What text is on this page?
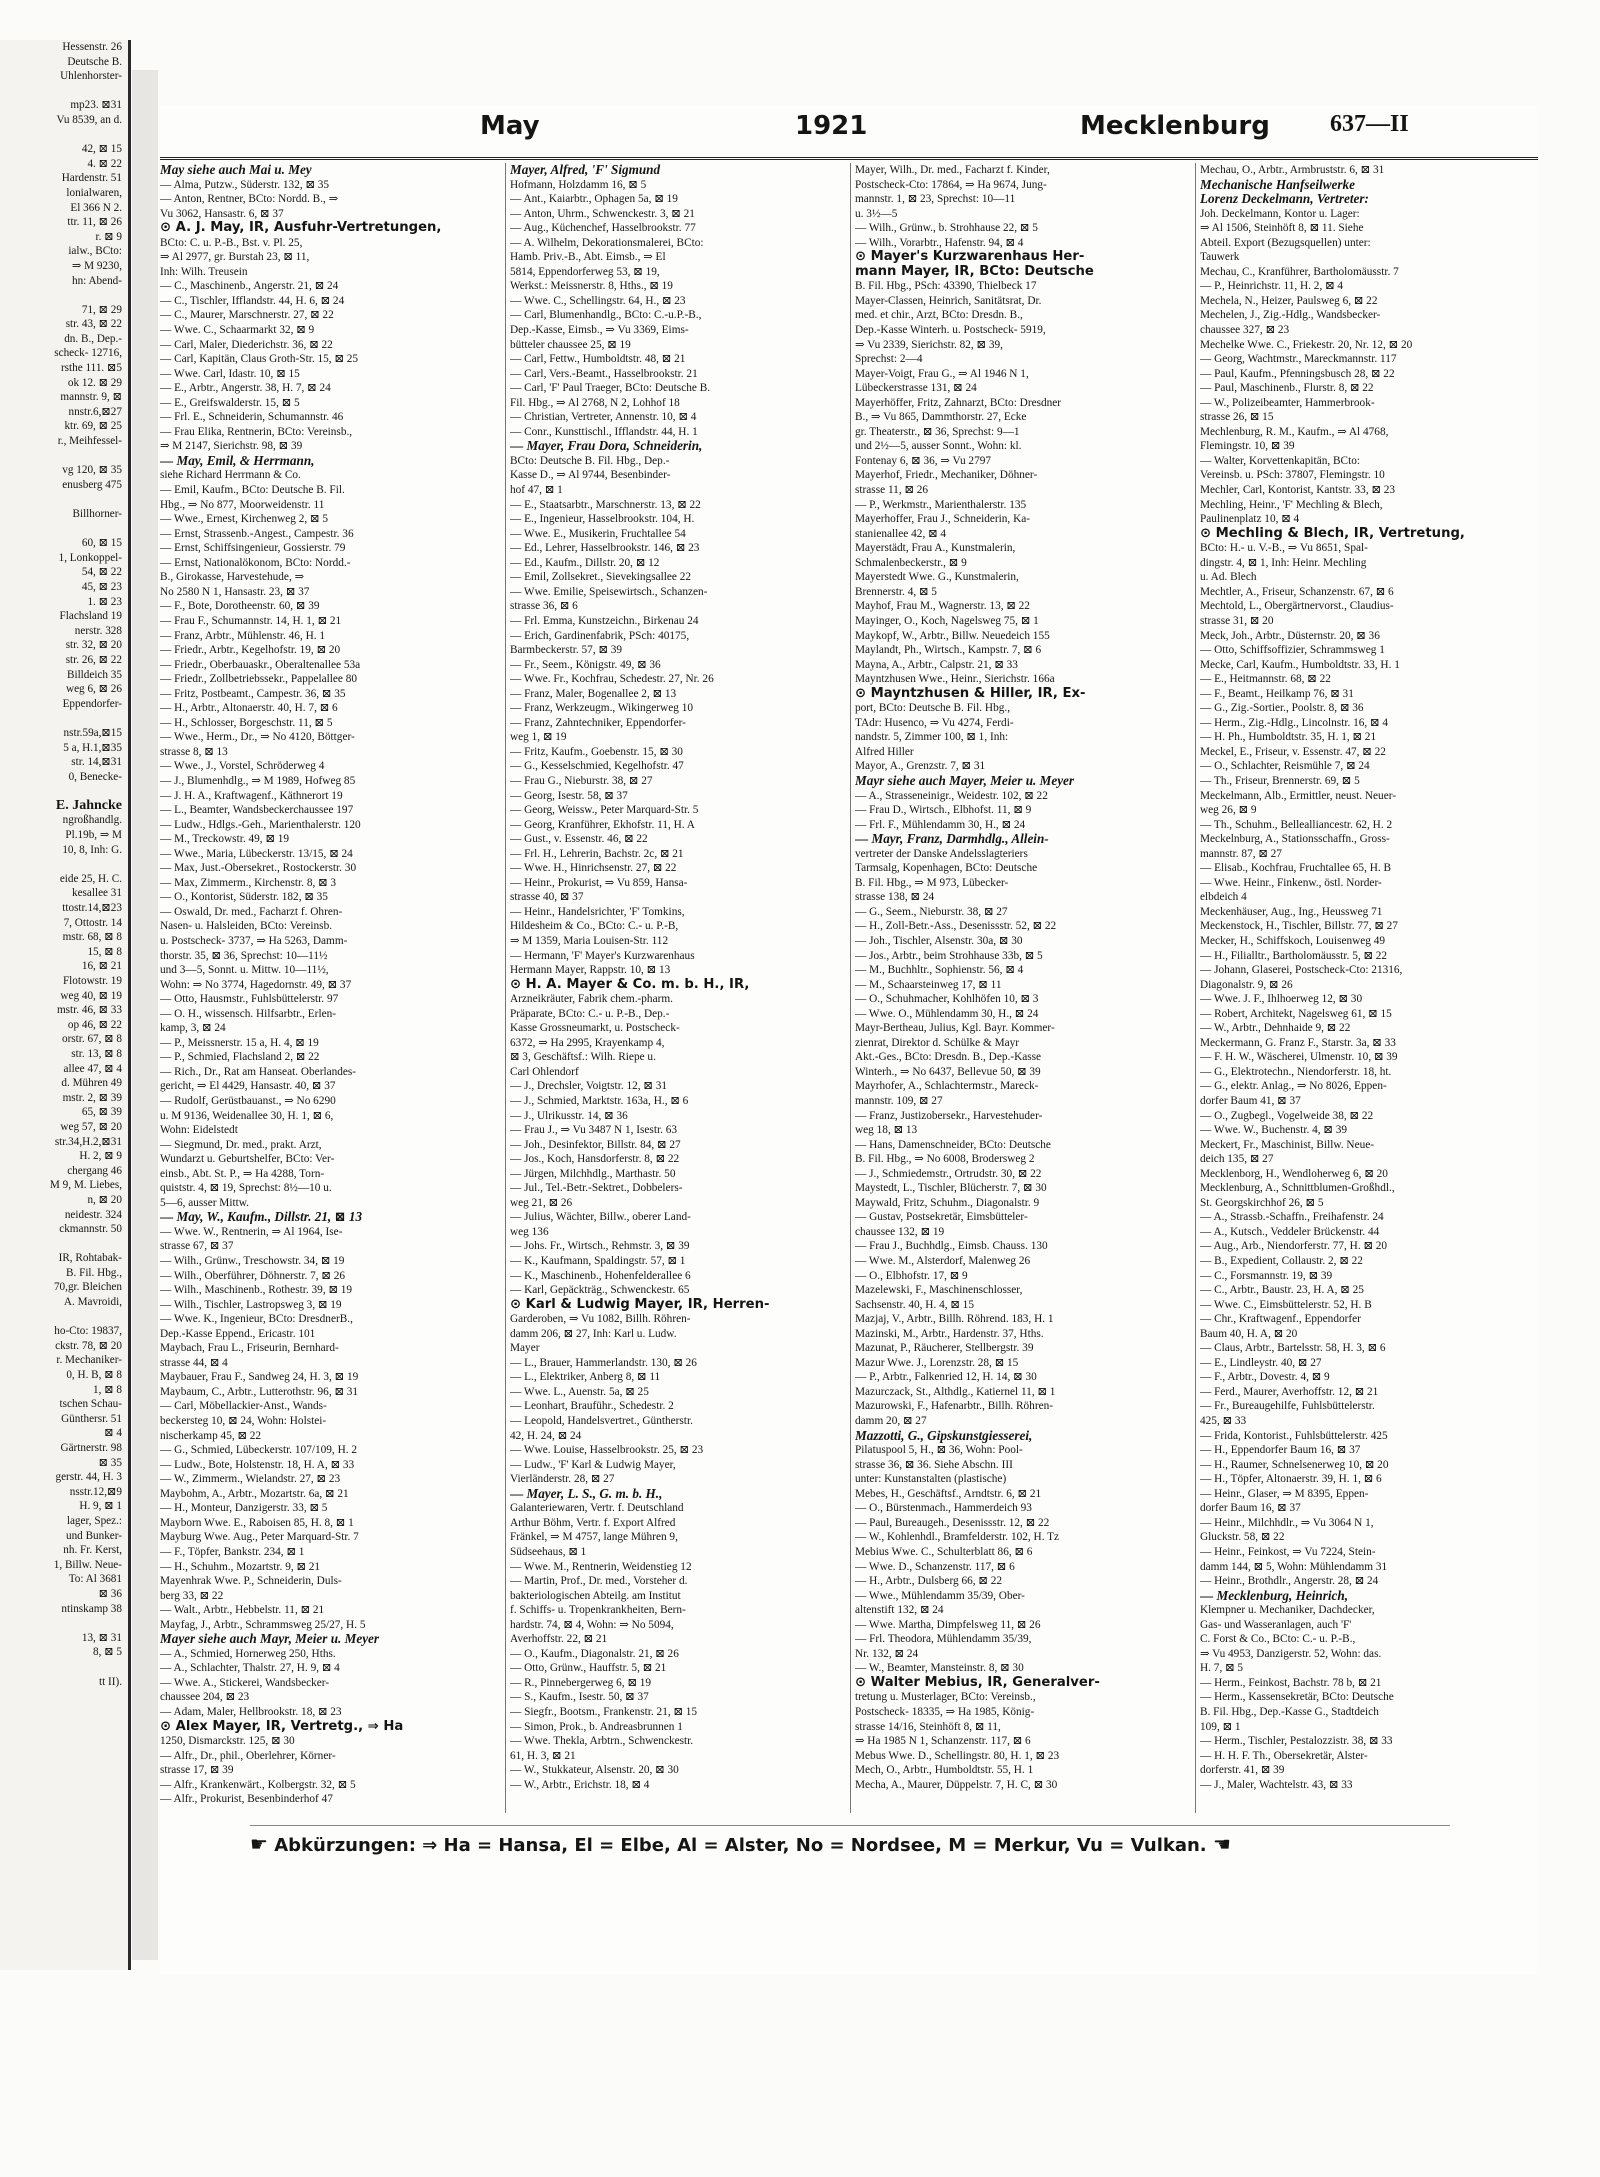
Hessenstr. 26
Deutsche B.
Uhlenhorster-

mp23. ⊠31
Vu 8539, an d.

42, ⊠ 15
4. ⊠ 22
Hardenstr. 51
lonialwaren,
El 366 N 2.
ttr. 11, ⊠ 26
r. ⊠ 9
ialw., BCto:
⇒ M 9230,
hn: Abend-

71, ⊠ 29
str. 43, ⊠ 22
dn. B., Dep.-
scheck- 12716,
rsthe 111. ⊠5
ok 12. ⊠ 29
mannstr. 9, ⊠
nnstr.6,⊠27
ktr. 69, ⊠ 25
r., Meihfessel-

vg 120, ⊠ 35
enusberg 475

Billhorner-

60, ⊠ 15
1, Lonkoppel-
54, ⊠ 22
45, ⊠ 23
1. ⊠ 23
Flachsland 19
nerstr. 328
str. 32, ⊠ 20
str. 26, ⊠ 22
Billdeich 35
weg 6, ⊠ 26
Eppendorfer-

nstr.59a,⊠15
5 a, H.1,⊠35
str. 14,⊠31
0, Benecke-

E. Jahncke
ngroßhandlg.
Pl.19b, ⇒ M
10, 8, Inh: G.

eide 25, H. C.
kesallee 31
ttostr.14,⊠23
7, Ottostr. 14
mstr. 68, ⊠ 8
15, ⊠ 8
16, ⊠ 21
Flotowstr. 19
weg 40, ⊠ 19
mstr. 46, ⊠ 33
op 46, ⊠ 22
orstr. 67, ⊠ 8
str. 13, ⊠ 8
allee 47, ⊠ 4
d. Mühren 49
mstr. 2, ⊠ 39
65, ⊠ 39
weg 57, ⊠ 20
str.34,H.2,⊠31
H. 2, ⊠ 9
chergang 46
M 9, M. Liebes,
n, ⊠ 20
neidestr. 324
ckmannstr. 50

IR, Rohtabak-
B. Fil. Hbg.,
70,gr. Bleichen
A. Mavroidi,

ho-Cto: 19837,
ckstr. 78, ⊠ 20
r. Mechaniker-
0, H. B, ⊠ 8
1, ⊠ 8
tschen Schau-
Günthersr. 51
⊠ 4
Gärtnerstr. 98
⊠ 35
gerstr. 44, H. 3
nsstr.12,⊠9
H. 9, ⊠ 1
lager, Spez.:
und Bunker-
nh. Fr. Kerst,
1, Billw. Neue-
To: Al 3681
⊠ 36
ntinskamp 38

13, ⊠ 31
8, ⊠ 5

tt II).
May	1921	Mecklenburg	637—II
May siehe auch Mai u. Mey
— Alma, Putzw., Süderstr. 132, ⊠ 35
— Anton, Rentner, BCto: Nordd. B., ⇒
Vu 3062, Hansastr. 6, ⊠ 37
⊙ A. J. May, IR, Ausfuhr-Vertretungen,
BCto: C. u. P.-B., Bst. v. Pl. 25,
⇒ Al 2977, gr. Burstah 23, ⊠ 11,
Inh: Wilh. Treusein
— C., Maschinenb., Angerstr. 21, ⊠ 24
— C., Tischler, Ifflandstr. 44, H. 6, ⊠ 24
— C., Maurer, Marschnerstr. 27, ⊠ 22
— Wwe. C., Schaarmarkt 32, ⊠ 9
— Carl, Maler, Diederichstr. 36, ⊠ 22
— Carl, Kapitän, Claus Groth-Str. 15, ⊠ 25
— Wwe. Carl, Idastr. 10, ⊠ 15
— E., Arbtr., Angerstr. 38, H. 7, ⊠ 24
— E., Greifswalderstr. 15, ⊠ 5
— Frl. E., Schneiderin, Schumannstr. 46
— Frau Elika, Rentnerin, BCto: Vereinsb.,
⇒ M 2147, Sierichstr. 98, ⊠ 39
— May, Emil, & Herrmann,
siehe Richard Herrmann & Co.
— Emil, Kaufm., BCto: Deutsche B. Fil.
Hbg., ⇒ No 877, Moorweidenstr. 11
— Wwe., Ernest, Kirchenweg 2, ⊠ 5
— Ernst, Strassenb.-Angest., Campestr. 36
— Ernst, Schiffsingenieur, Gossierstr. 79
— Ernst, Nationalökonom, BCto: Nordd.-
B., Girokasse, Harvestehude, ⇒
No 2580 N 1, Hansastr. 23, ⊠ 37
— F., Bote, Dorotheenstr. 60, ⊠ 39
— Frau F., Schumannstr. 14, H. 1, ⊠ 21
— Franz, Arbtr., Mühlenstr. 46, H. 1
— Friedr., Arbtr., Kegelhofstr. 19, ⊠ 20
— Friedr., Oberbauaskr., Oberaltenallee 53a
— Friedr., Zollbetriebssekr., Pappelallee 80
— Fritz, Postbeamt., Campestr. 36, ⊠ 35
— H., Arbtr., Altonaerstr. 40, H. 7, ⊠ 6
— H., Schlosser, Borgeschstr. 11, ⊠ 5
— Wwe., Herm., Dr., ⇒ No 4120, Böttger-
strasse 8, ⊠ 13
— Wwe., J., Vorstel, Schröderweg 4
— J., Blumenhdlg., ⇒ M 1989, Hofweg 85
— J. H. A., Kraftwagenf., Käthnerort 19
— L., Beamter, Wandsbeckerchaussee 197
— Ludw., Hdlgs.-Geh., Marienthalerstr. 120
— M., Treckowstr. 49, ⊠ 19
— Wwe., Maria, Lübeckerstr. 13/15, ⊠ 24
— Max, Just.-Obersekret., Rostockerstr. 30
— Max, Zimmerm., Kirchenstr. 8, ⊠ 3
— O., Kontorist, Süderstr. 182, ⊠ 35
— Oswald, Dr. med., Facharzt f. Ohren-
Nasen- u. Halsleiden, BCto: Vereinsb.
u. Postscheck- 3737, ⇒ Ha 5263, Damm-
thorstr. 35, ⊠ 36, Sprechst: 10—11½
und 3—5, Sonnt. u. Mittw. 10—11½,
Wohn: ⇒ No 3774, Hagedornstr. 49, ⊠ 37
— Otto, Hausmstr., Fuhlsbüttelerstr. 97
— O. H., wissensch. Hilfsarbtr., Erlen-
kamp, 3, ⊠ 24
— P., Meissnerstr. 15 a, H. 4, ⊠ 19
— P., Schmied, Flachsland 2, ⊠ 22
— Rich., Dr., Rat am Hanseat. Oberlandes-
gericht, ⇒ El 4429, Hansastr. 40, ⊠ 37
— Rudolf, Gerüstbauanst., ⇒ No 6290
u. M 9136, Weidenallee 30, H. 1, ⊠ 6,
Wohn: Eidelstedt
— Siegmund, Dr. med., prakt. Arzt,
Wundarzt u. Geburtshelfer, BCto: Ver-
einsb., Abt. St. P., ⇒ Ha 4288, Torn-
quiststr. 4, ⊠ 19, Sprechst: 8½—10 u.
5—6, ausser Mittw.
— May, W., Kaufm., Dillstr. 21, ⊠ 13
— Wwe. W., Rentnerin, ⇒ Al 1964, Ise-
strasse 67, ⊠ 37
— Wilh., Grünw., Treschowstr. 34, ⊠ 19
— Wilh., Oberführer, Döhnerstr. 7, ⊠ 26
— Wilh., Maschinenb., Rothestr. 39, ⊠ 19
— Wilh., Tischler, Lastropsweg 3, ⊠ 19
— Wwe. K., Ingenieur, BCto: DresdnerB.,
Dep.-Kasse Eppend., Ericastr. 101
Maybach, Frau L., Friseurin, Bernhard-
strasse 44, ⊠ 4
Maybauer, Frau F., Sandweg 24, H. 3, ⊠ 19
Maybaum, C., Arbtr., Lutterothstr. 96, ⊠ 31
— Carl, Möbellackier-Anst., Wands-
beckersteg 10, ⊠ 24, Wohn: Holstei-
nischerkamp 45, ⊠ 22
— G., Schmied, Lübeckerstr. 107/109, H. 2
— Ludw., Bote, Holstenstr. 18, H. A, ⊠ 33
— W., Zimmerm., Wielandstr. 27, ⊠ 23
Maybohm, A., Arbtr., Mozartstr. 6a, ⊠ 21
— H., Monteur, Danzigerstr. 33, ⊠ 5
Mayborn Wwe. E., Raboisen 85, H. 8, ⊠ 1
Mayburg Wwe. Aug., Peter Marquard-Str. 7
— F., Töpfer, Bankstr. 234, ⊠ 1
— H., Schuhm., Mozartstr. 9, ⊠ 21
Mayenhrak Wwe. P., Schneiderin, Duls-
berg 33, ⊠ 22
— Walt., Arbtr., Hebbelstr. 11, ⊠ 21
Mayfag, J., Arbtr., Schrammsweg 25/27, H. 5
Mayer siehe auch Mayr, Meier u. Meyer
— A., Schmied, Hornerweg 250, Hths.
— A., Schlachter, Thalstr. 27, H. 9, ⊠ 4
— Wwe. A., Stickerei, Wandsbecker-
chaussee 204, ⊠ 23
— Adam, Maler, Hellbrookstr. 18, ⊠ 23
⊙ Alex Mayer, IR, Vertretg., ⇒ Ha
1250, Dismarckstr. 125, ⊠ 30
— Alfr., Dr., phil., Oberlehrer, Körner-
strasse 17, ⊠ 39
— Alfr., Krankenwärt., Kolbergstr. 32, ⊠ 5
— Alfr., Prokurist, Besenbinderhof 47
Mayer, Alfred, 'F' Sigmund
Hofmann, Holzdamm 16, ⊠ 5
— Ant., Kaiarbtr., Ophagen 5a, ⊠ 19
— Anton, Uhrm., Schwenckestr. 3, ⊠ 21
— Aug., Küchenchef, Hasselbrookstr. 77
— A. Wilhelm, Dekorationsmalerei, BCto:
Hamb. Priv.-B., Abt. Eimsb., ⇒ El
5814, Eppendorferweg 53, ⊠ 19,
Werkst.: Meissnerstr. 8, Hths., ⊠ 19
— Wwe. C., Schellingstr. 64, H., ⊠ 23
— Carl, Blumenhandlg., BCto: C.-u.P.-B.,
Dep.-Kasse, Eimsb., ⇒ Vu 3369, Eims-
bütteler chaussee 25, ⊠ 19
— Carl, Fettw., Humboldtstr. 48, ⊠ 21
— Carl, Vers.-Beamt., Hasselbrookstr. 21
— Carl, 'F' Paul Traeger, BCto: Deutsche B.
Fil. Hbg., ⇒ Al 2768, N 2, Lohhof 18
— Christian, Vertreter, Annenstr. 10, ⊠ 4
— Conr., Kunsttischl., Ifflandstr. 44, H. 1
— Mayer, Frau Dora, Schneiderin,
BCto: Deutsche B. Fil. Hbg., Dep.-
Kasse D., ⇒ Al 9744, Besenbinder-
hof 47, ⊠ 1
— E., Staatsarbtr., Marschnerstr. 13, ⊠ 22
— E., Ingenieur, Hasselbrookstr. 104, H.
— Wwe. E., Musikerin, Fruchtallee 54
— Ed., Lehrer, Hasselbrookstr. 146, ⊠ 23
— Ed., Kaufm., Dillstr. 20, ⊠ 12
— Emil, Zollsekret., Sievekingsallee 22
— Wwe. Emilie, Speisewirtsch., Schanzen-
strasse 36, ⊠ 6
— Frl. Emma, Kunstzeichn., Birkenau 24
— Erich, Gardinenfabrik, PSch: 40175,
Barmbeckerstr. 57, ⊠ 39
— Fr., Seem., Königstr. 49, ⊠ 36
— Wwe. Fr., Kochfrau, Schedestr. 27, Nr. 26
— Franz, Maler, Bogenallee 2, ⊠ 13
— Franz, Werkzeugm., Wikingerweg 10
— Franz, Zahntechniker, Eppendorfer-
weg 1, ⊠ 19
— Fritz, Kaufm., Goebenstr. 15, ⊠ 30
— G., Kesselschmied, Kegelhofstr. 47
— Frau G., Nieburstr. 38, ⊠ 27
— Georg, Isestr. 58, ⊠ 37
— Georg, Weissw., Peter Marquard-Str. 5
— Georg, Kranführer, Ekhofstr. 11, H. A
— Gust., v. Essenstr. 46, ⊠ 22
— Frl. H., Lehrerin, Bachstr. 2c, ⊠ 21
— Wwe. H., Hinrichsenstr. 27, ⊠ 22
— Heinr., Prokurist, ⇒ Vu 859, Hansa-
strasse 40, ⊠ 37
— Heinr., Handelsrichter, 'F' Tomkins,
Hildesheim & Co., BCto: C.- u. P.-B,
⇒ M 1359, Maria Louisen-Str. 112
— Hermann, 'F' Mayer's Kurzwarenhaus
Hermann Mayer, Rappstr. 10, ⊠ 13
⊙ H. A. Mayer & Co. m. b. H., IR,
Arzneikräuter, Fabrik chem.-pharm.
Präparate, BCto: C.- u. P.-B., Dep.-
Kasse Grossneumarkt, u. Postscheck-
6372, ⇒ Ha 2995, Krayenkamp 4,
⊠ 3, Geschäftsf.: Wilh. Riepe u.
Carl Ohlendorf
— J., Drechsler, Voigtstr. 12, ⊠ 31
— J., Schmied, Marktstr. 163a, H., ⊠ 6
— J., Ulrikusstr. 14, ⊠ 36
— Frau J., ⇒ Vu 3487 N 1, Isestr. 63
— Joh., Desinfektor, Billstr. 84, ⊠ 27
— Jos., Koch, Hansdorferstr. 8, ⊠ 22
— Jürgen, Milchhdlg., Marthastr. 50
— Jul., Tel.-Betr.-Sektret., Dobbelers-
weg 21, ⊠ 26
— Julius, Wächter, Billw., oberer Land-
weg 136
— Johs. Fr., Wirtsch., Rehmstr. 3, ⊠ 39
— K., Kaufmann, Spaldingstr. 57, ⊠ 1
— K., Maschinenb., Hohenfelderallee 6
— Karl, Gepäckträg., Schwenckestr. 65
⊙ Karl & Ludwig Mayer, IR, Herren-
Garderoben, ⇒ Vu 1082, Billh. Röhren-
damm 206, ⊠ 27, Inh: Karl u. Ludw.
Mayer
— L., Brauer, Hammerlandstr. 130, ⊠ 26
— L., Elektriker, Anberg 8, ⊠ 11
— Wwe. L., Auenstr. 5a, ⊠ 25
— Leonhart, Brauführ., Schedestr. 2
— Leopold, Handelsvertret., Güntherstr.
42, H. 24, ⊠ 24
— Wwe. Louise, Hasselbrookstr. 25, ⊠ 23
— Ludw., 'F' Karl & Ludwig Mayer,
Vierländerstr. 28, ⊠ 27
— Mayer, L. S., G. m. b. H.,
Galanteriewaren, Vertr. f. Deutschland
Arthur Böhm, Vertr. f. Export Alfred
Fränkel, ⇒ M 4757, lange Mühren 9,
Südseehaus, ⊠ 1
— Wwe. M., Rentnerin, Weidenstieg 12
— Martin, Prof., Dr. med., Vorsteher d.
bakteriologischen Abteilg. am Institut
f. Schiffs- u. Tropenkrankheiten, Bern-
hardstr. 74, ⊠ 4, Wohn: ⇒ No 5094,
Averhoffstr. 22, ⊠ 21
— O., Kaufm., Diagonalstr. 21, ⊠ 26
— Otto, Grünw., Hauffstr. 5, ⊠ 21
— R., Pinnebergerweg 6, ⊠ 19
— S., Kaufm., Isestr. 50, ⊠ 37
— Siegfr., Bootsm., Frankenstr. 21, ⊠ 15
— Simon, Prok., b. Andreasbrunnen 1
— Wwe. Thekla, Arbtrn., Schwenckestr.
61, H. 3, ⊠ 21
— W., Stukkateur, Alsenstr. 20, ⊠ 30
— W., Arbtr., Erichstr. 18, ⊠ 4
Mayer, Wilh., Dr. med., Facharzt f. Kinder,
Postscheck-Cto: 17864, ⇒ Ha 9674, Jung-
mannstr. 1, ⊠ 23, Sprechst: 10—11
u. 3½—5
— Wilh., Grünw., b. Strohhause 22, ⊠ 5
— Wilh., Vorarbtr., Hafenstr. 94, ⊠ 4
⊙ Mayer's Kurzwarenhaus Her-
mann Mayer, IR, BCto: Deutsche
B. Fil. Hbg., PSch: 43390, Thielbeck 17
Mayer-Classen, Heinrich, Sanitätsrat, Dr.
med. et chir., Arzt, BCto: Dresdn. B.,
Dep.-Kasse Winterh. u. Postscheck- 5919,
⇒ Vu 2339, Sierichstr. 82, ⊠ 39,
Sprechst: 2—4
Mayer-Voigt, Frau G., ⇒ Al 1946 N 1,
Lübeckerstrasse 131, ⊠ 24
Mayerhöffer, Fritz, Zahnarzt, BCto: Dresdner
B., ⇒ Vu 865, Dammthorstr. 27, Ecke
gr. Theaterstr., ⊠ 36, Sprechst: 9—1
und 2½—5, ausser Sonnt., Wohn: kl.
Fontenay 6, ⊠ 36, ⇒ Vu 2797
Mayerhof, Friedr., Mechaniker, Döhner-
strasse 11, ⊠ 26
— P., Werkmstr., Marienthalerstr. 135
Mayerhoffer, Frau J., Schneiderin, Ka-
stanienallee 42, ⊠ 4
Mayerstädt, Frau A., Kunstmalerin,
Schmalenbeckerstr., ⊠ 9
Mayerstedt Wwe. G., Kunstmalerin,
Brennerstr. 4, ⊠ 5
Mayhof, Frau M., Wagnerstr. 13, ⊠ 22
Mayinger, O., Koch, Nagelsweg 75, ⊠ 1
Maykopf, W., Arbtr., Billw. Neuedeich 155
Maylandt, Ph., Wirtsch., Kampstr. 7, ⊠ 6
Mayna, A., Arbtr., Calpstr. 21, ⊠ 33
Mayntzhusen Wwe., Heinr., Sierichstr. 166a
⊙ Mayntzhusen & Hiller, IR, Ex-
port, BCto: Deutsche B. Fil. Hbg.,
TAdr: Husenco, ⇒ Vu 4274, Ferdi-
nandstr. 5, Zimmer 100, ⊠ 1, Inh:
Alfred Hiller
Mayor, A., Grenzstr. 7, ⊠ 31
Mayr siehe auch Mayer, Meier u. Meyer
— A., Strasseneinigr., Weidestr. 102, ⊠ 22
— Frau D., Wirtsch., Elbhofst. 11, ⊠ 9
— Frl. F., Mühlendamm 30, H., ⊠ 24
— Mayr, Franz, Darmhdlg., Allein-
vertreter der Danske Andelsslagteriers
Tarmsalg, Kopenhagen, BCto: Deutsche
B. Fil. Hbg., ⇒ M 973, Lübecker-
strasse 138, ⊠ 24
— G., Seem., Nieburstr. 38, ⊠ 27
— H., Zoll-Betr.-Ass., Desenissstr. 52, ⊠ 22
— Joh., Tischler, Alsenstr. 30a, ⊠ 30
— Jos., Arbtr., beim Strohhause 33b, ⊠ 5
— M., Buchhltr., Sophienstr. 56, ⊠ 4
— M., Schaarsteinweg 17, ⊠ 11
— O., Schuhmacher, Kohlhöfen 10, ⊠ 3
— Wwe. O., Mühlendamm 30, H., ⊠ 24
Mayr-Bertheau, Julius, Kgl. Bayr. Kommer-
zienrat, Direktor d. Schülke & Mayr
Akt.-Ges., BCto: Dresdn. B., Dep.-Kasse
Winterh., ⇒ No 6437, Bellevue 50, ⊠ 39
Mayrhofer, A., Schlachtermstr., Mareck-
mannstr. 109, ⊠ 27
— Franz, Justizobersekr., Harvestehuder-
weg 18, ⊠ 13
— Hans, Damenschneider, BCto: Deutsche
B. Fil. Hbg., ⇒ No 6008, Brodersweg 2
— J., Schmiedemstr., Ortrudstr. 30, ⊠ 22
Maystedt, L., Tischler, Blücherstr. 7, ⊠ 30
Maywald, Fritz, Schuhm., Diagonalstr. 9
— Gustav, Postsekretär, Eimsbütteler-
chaussee 132, ⊠ 19
— Frau J., Buchhdlg., Eimsb. Chauss. 130
— Wwe. M., Alsterdorf, Malenweg 26
— O., Elbhofstr. 17, ⊠ 9
Mazelewski, F., Maschinenschlosser,
Sachsenstr. 40, H. 4, ⊠ 15
Mazjaj, V., Arbtr., Billh. Röhrend. 183, H. 1
Mazinski, M., Arbtr., Hardenstr. 37, Hths.
Mazunat, P., Räucherer, Stellbergstr. 39
Mazur Wwe. J., Lorenzstr. 28, ⊠ 15
— P., Arbtr., Falkenried 12, H. 14, ⊠ 30
Mazurczack, St., Althdlg., Katiernel 11, ⊠ 1
Mazurowski, F., Hafenarbtr., Billh. Röhren-
damm 20, ⊠ 27
Mazzotti, G., Gipskunstgiesserei,
Pilatuspool 5, H., ⊠ 36, Wohn: Pool-
strasse 36, ⊠ 36. Siehe Abschn. III
unter: Kunstanstalten (plastische)
Mebes, H., Geschäftsf., Arndtstr. 6, ⊠ 21
— O., Bürstenmach., Hammerdeich 93
— Paul, Bureaugeh., Desenissstr. 12, ⊠ 22
— W., Kohlenhdl., Bramfelderstr. 102, H. Tz
Mebius Wwe. C., Schulterblatt 86, ⊠ 6
— Wwe. D., Schanzenstr. 117, ⊠ 6
— H., Arbtr., Dulsberg 66, ⊠ 22
— Wwe., Mühlendamm 35/39, Ober-
altenstift 132, ⊠ 24
— Wwe. Martha, Dimpfelsweg 11, ⊠ 26
— Frl. Theodora, Mühlendamm 35/39,
Nr. 132, ⊠ 24
— W., Beamter, Mansteinstr. 8, ⊠ 30
⊙ Walter Mebius, IR, Generalver-
tretung u. Musterlager, BCto: Vereinsb.,
Postscheck- 18335, ⇒ Ha 1985, König-
strasse 14/16, Steinhöft 8, ⊠ 11,
⇒ Ha 1985 N 1, Schanzenstr. 117, ⊠ 6
Mebus Wwe. D., Schellingstr. 80, H. 1, ⊠ 23
Mech, O., Arbtr., Humboldtstr. 55, H. 1
Mecha, A., Maurer, Düppelstr. 7, H. C, ⊠ 30
Mechau, O., Arbtr., Armbruststr. 6, ⊠ 31
Mechanische Hanfseilwerke
Lorenz Deckelmann, Vertreter:
Joh. Deckelmann, Kontor u. Lager:
⇒ Al 1506, Steinhöft 8, ⊠ 11. Siehe
Abteil. Export (Bezugsquellen) unter:
Tauwerk
Mechau, C., Kranführer, Bartholomäusstr. 7
— P., Heinrichstr. 11, H. 2, ⊠ 4
Mechela, N., Heizer, Paulsweg 6, ⊠ 22
Mechelen, J., Zig.-Hdlg., Wandsbecker-
chaussee 327, ⊠ 23
Mechelke Wwe. C., Friekestr. 20, Nr. 12, ⊠ 20
— Georg, Wachtmstr., Mareckmannstr. 117
— Paul, Kaufm., Pfenningsbusch 28, ⊠ 22
— Paul, Maschinenb., Flurstr. 8, ⊠ 22
— W., Polizeibeamter, Hammerbrook-
strasse 26, ⊠ 15
Mechlenburg, R. M., Kaufm., ⇒ Al 4768,
Flemingstr. 10, ⊠ 39
— Walter, Korvettenkapitän, BCto:
Vereinsb. u. PSch: 37807, Flemingstr. 10
Mechler, Carl, Kontorist, Kantstr. 33, ⊠ 23
Mechling, Heinr., 'F' Mechling & Blech,
Paulinenplatz 10, ⊠ 4
⊙ Mechling & Blech, IR, Vertretung,
BCto: H.- u. V.-B., ⇒ Vu 8651, Spal-
dingstr. 4, ⊠ 1, Inh: Heinr. Mechling
u. Ad. Blech
Mechtler, A., Friseur, Schanzenstr. 67, ⊠ 6
Mechtold, L., Obergärtnervorst., Claudius-
strasse 31, ⊠ 20
Meck, Joh., Arbtr., Düsternstr. 20, ⊠ 36
— Otto, Schiffsoffizier, Schrammsweg 1
Mecke, Carl, Kaufm., Humboldtstr. 33, H. 1
— E., Heitmannstr. 68, ⊠ 22
— F., Beamt., Heilkamp 76, ⊠ 31
— G., Zig.-Sortier., Poolstr. 8, ⊠ 36
— Herm., Zig.-Hdlg., Lincolnstr. 16, ⊠ 4
— H. Ph., Humboldtstr. 35, H. 1, ⊠ 21
Meckel, E., Friseur, v. Essenstr. 47, ⊠ 22
— O., Schlachter, Reismühle 7, ⊠ 24
— Th., Friseur, Brennerstr. 69, ⊠ 5
Meckelmann, Alb., Ermittler, neust. Neuer-
weg 26, ⊠ 9
— Th., Schuhm., Bellealliancestr. 62, H. 2
Meckelnburg, A., Stationsschaffn., Gross-
mannstr. 87, ⊠ 27
— Elisab., Kochfrau, Fruchtallee 65, H. B
— Wwe. Heinr., Finkenw., östl. Norder-
elbdeich 4
Meckenhäuser, Aug., Ing., Heussweg 71
Meckenstock, H., Tischler, Billstr. 77, ⊠ 27
Mecker, H., Schiffskoch, Louisenweg 49
— H., Filialltr., Bartholomäusstr. 5, ⊠ 22
— Johann, Glaserei, Postscheck-Cto: 21316,
Diagonalstr. 9, ⊠ 26
— Wwe. J. F., Ihlhoerweg 12, ⊠ 30
— Robert, Architekt, Nagelsweg 61, ⊠ 15
— W., Arbtr., Dehnhaide 9, ⊠ 22
Meckermann, G. Franz F., Starstr. 3a, ⊠ 33
— F. H. W., Wäscherei, Ulmenstr. 10, ⊠ 39
— G., Elektrotechn., Niendorferstr. 18, ht.
— G., elektr. Anlag., ⇒ No 8026, Eppen-
dorfer Baum 41, ⊠ 37
— O., Zugbegl., Vogelweide 38, ⊠ 22
— Wwe. W., Buchenstr. 4, ⊠ 39
Meckert, Fr., Maschinist, Billw. Neue-
deich 135, ⊠ 27
Mecklenborg, H., Wendloherweg 6, ⊠ 20
Mecklenburg, A., Schnittblumen-Großhdl.,
St. Georgskirchhof 26, ⊠ 5
— A., Strassb.-Schaffn., Freihafenstr. 24
— A., Kutsch., Veddeler Brückenstr. 44
— Aug., Arb., Niendorferstr. 77, H. ⊠ 20
— B., Expedient, Collaustr. 2, ⊠ 22
— C., Forsmannstr. 19, ⊠ 39
— C., Arbtr., Baustr. 23, H. A, ⊠ 25
— Wwe. C., Eimsbüttelerstr. 52, H. B
— Chr., Kraftwagenf., Eppendorfer
Baum 40, H. A, ⊠ 20
— Claus, Arbtr., Bartelsstr. 58, H. 3, ⊠ 6
— E., Lindleystr. 40, ⊠ 27
— F., Arbtr., Dovestr. 4, ⊠ 9
— Ferd., Maurer, Averhoffstr. 12, ⊠ 21
— Fr., Bureaugehilfe, Fuhlsbüttelerstr.
425, ⊠ 33
— Frida, Kontorist., Fuhlsbüttelerstr. 425
— H., Eppendorfer Baum 16, ⊠ 37
— H., Raumer, Schnelsenerweg 10, ⊠ 20
— H., Töpfer, Altonaerstr. 39, H. 1, ⊠ 6
— Heinr., Glaser, ⇒ M 8395, Eppen-
dorfer Baum 16, ⊠ 37
— Heinr., Milchhdlr., ⇒ Vu 3064 N 1,
Gluckstr. 58, ⊠ 22
— Heinr., Feinkost, ⇒ Vu 7224, Stein-
damm 144, ⊠ 5, Wohn: Mühlendamm 31
— Heinr., Brothdlr., Angerstr. 28, ⊠ 24
— Mecklenburg, Heinrich,
Klempner u. Mechaniker, Dachdecker,
Gas- und Wasseranlagen, auch 'F'
C. Forst & Co., BCto: C.- u. P.-B.,
⇒ Vu 4953, Danzigerstr. 52, Wohn: das.
H. 7, ⊠ 5
— Herm., Feinkost, Bachstr. 78 b, ⊠ 21
— Herm., Kassensekretär, BCto: Deutsche
B. Fil. Hbg., Dep.-Kasse G., Stadtdeich
109, ⊠ 1
— Herm., Tischler, Pestalozzistr. 38, ⊠ 33
— H. H. F. Th., Obersekretär, Alster-
dorferstr. 41, ⊠ 39
— J., Maler, Wachtelstr. 43, ⊠ 33
☛ Abkürzungen: ⇒ Ha = Hansa, El = Elbe, Al = Alster, No = Nordsee, M = Merkur, Vu = Vulkan. ☚
